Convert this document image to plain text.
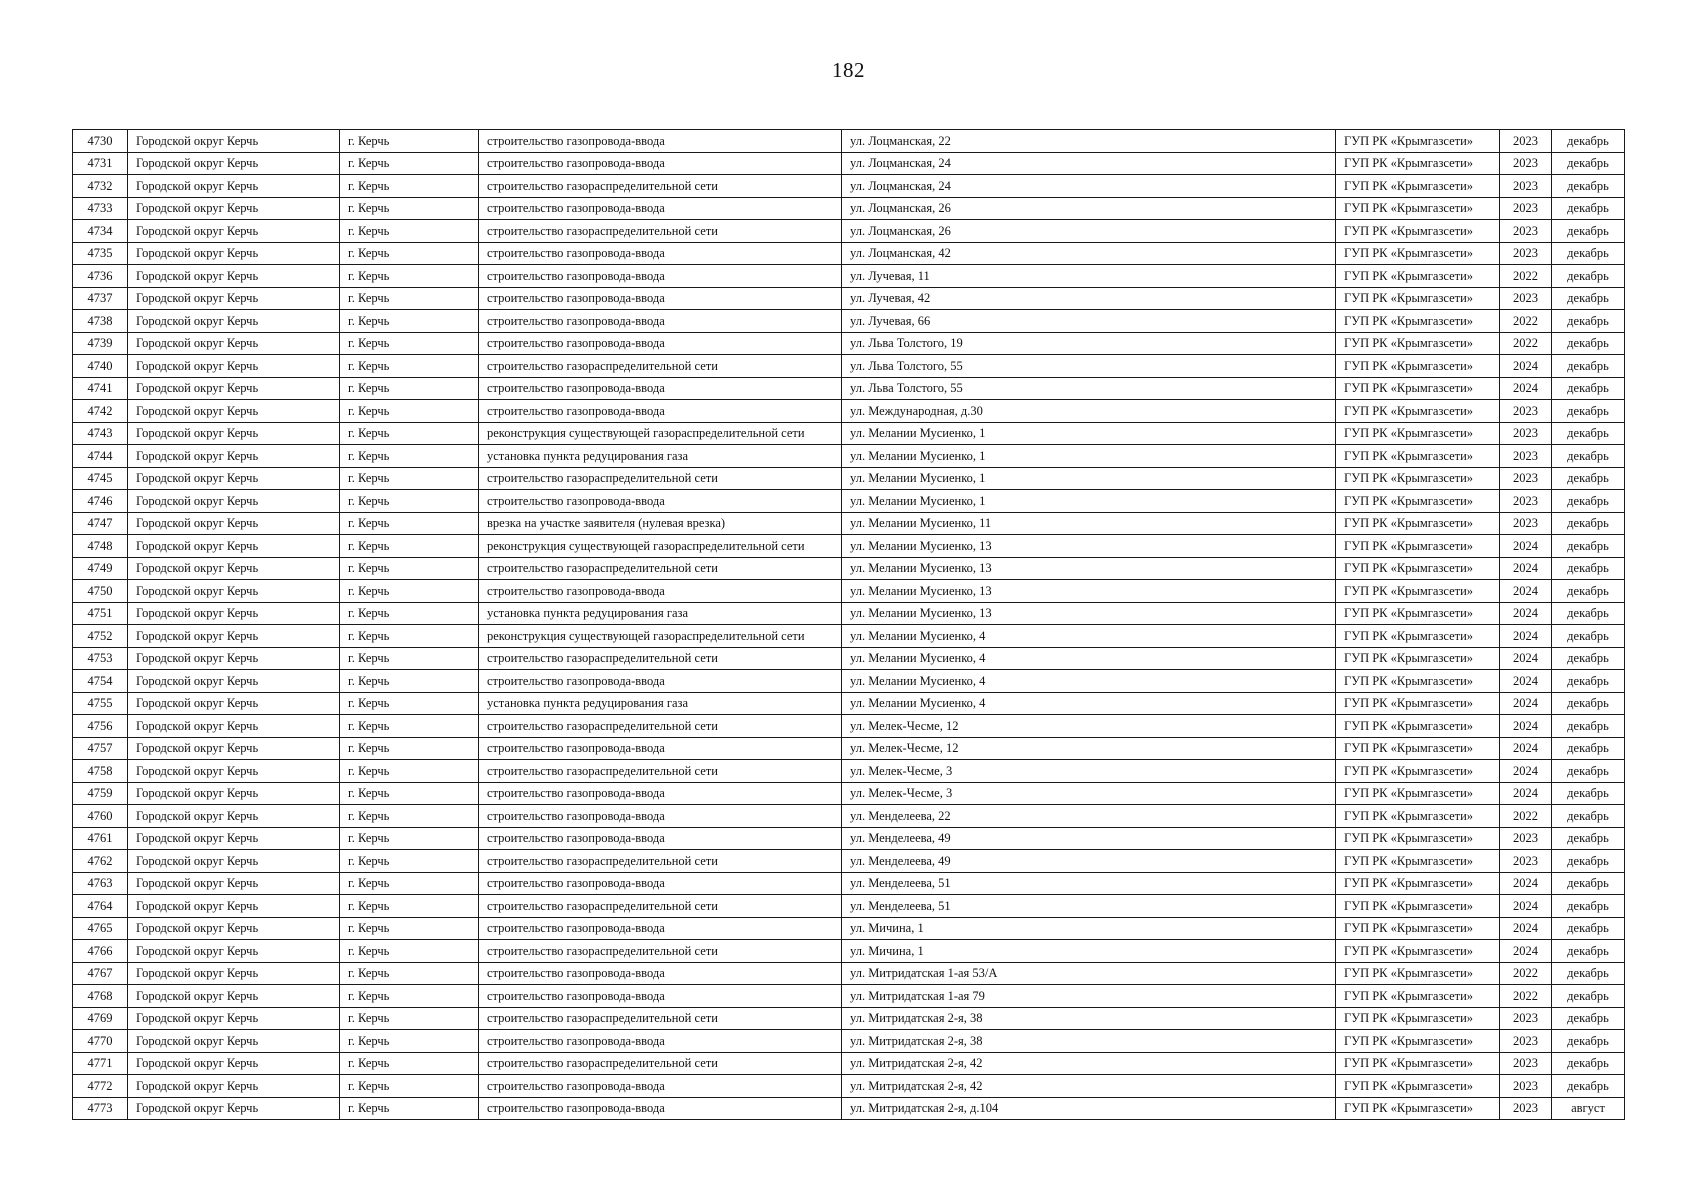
182
4730	Городской округ Керчь	г. Керчь	строительство газопровода-ввода	ул. Лоцманская, 22	ГУП РК «Крымгазсети»	2023	декабрь
4731	Городской округ Керчь	г. Керчь	строительство газопровода-ввода	ул. Лоцманская, 24	ГУП РК «Крымгазсети»	2023	декабрь
4732	Городской округ Керчь	г. Керчь	строительство газораспределительной сети	ул. Лоцманская, 24	ГУП РК «Крымгазсети»	2023	декабрь
4733	Городской округ Керчь	г. Керчь	строительство газопровода-ввода	ул. Лоцманская, 26	ГУП РК «Крымгазсети»	2023	декабрь
4734	Городской округ Керчь	г. Керчь	строительство газораспределительной сети	ул. Лоцманская, 26	ГУП РК «Крымгазсети»	2023	декабрь
4735	Городской округ Керчь	г. Керчь	строительство газопровода-ввода	ул. Лоцманская, 42	ГУП РК «Крымгазсети»	2023	декабрь
4736	Городской округ Керчь	г. Керчь	строительство газопровода-ввода	ул. Лучевая, 11	ГУП РК «Крымгазсети»	2022	декабрь
4737	Городской округ Керчь	г. Керчь	строительство газопровода-ввода	ул. Лучевая, 42	ГУП РК «Крымгазсети»	2023	декабрь
4738	Городской округ Керчь	г. Керчь	строительство газопровода-ввода	ул. Лучевая, 66	ГУП РК «Крымгазсети»	2022	декабрь
4739	Городской округ Керчь	г. Керчь	строительство газопровода-ввода	ул. Льва Толстого, 19	ГУП РК «Крымгазсети»	2022	декабрь
4740	Городской округ Керчь	г. Керчь	строительство газораспределительной сети	ул. Льва Толстого, 55	ГУП РК «Крымгазсети»	2024	декабрь
4741	Городской округ Керчь	г. Керчь	строительство газопровода-ввода	ул. Льва Толстого, 55	ГУП РК «Крымгазсети»	2024	декабрь
4742	Городской округ Керчь	г. Керчь	строительство газопровода-ввода	ул. Международная, д.30	ГУП РК «Крымгазсети»	2023	декабрь
4743	Городской округ Керчь	г. Керчь	реконструкция существующей газораспределительной сети	ул. Мелании Мусиенко, 1	ГУП РК «Крымгазсети»	2023	декабрь
4744	Городской округ Керчь	г. Керчь	установка пункта редуцирования газа	ул. Мелании Мусиенко, 1	ГУП РК «Крымгазсети»	2023	декабрь
4745	Городской округ Керчь	г. Керчь	строительство газораспределительной сети	ул. Мелании Мусиенко, 1	ГУП РК «Крымгазсети»	2023	декабрь
4746	Городской округ Керчь	г. Керчь	строительство газопровода-ввода	ул. Мелании Мусиенко, 1	ГУП РК «Крымгазсети»	2023	декабрь
4747	Городской округ Керчь	г. Керчь	врезка на участке заявителя (нулевая врезка)	ул. Мелании Мусиенко, 11	ГУП РК «Крымгазсети»	2023	декабрь
4748	Городской округ Керчь	г. Керчь	реконструкция существующей газораспределительной сети	ул. Мелании Мусиенко, 13	ГУП РК «Крымгазсети»	2024	декабрь
4749	Городской округ Керчь	г. Керчь	строительство газораспределительной сети	ул. Мелании Мусиенко, 13	ГУП РК «Крымгазсети»	2024	декабрь
4750	Городской округ Керчь	г. Керчь	строительство газопровода-ввода	ул. Мелании Мусиенко, 13	ГУП РК «Крымгазсети»	2024	декабрь
4751	Городской округ Керчь	г. Керчь	установка пункта редуцирования газа	ул. Мелании Мусиенко, 13	ГУП РК «Крымгазсети»	2024	декабрь
4752	Городской округ Керчь	г. Керчь	реконструкция существующей газораспределительной сети	ул. Мелании Мусиенко, 4	ГУП РК «Крымгазсети»	2024	декабрь
4753	Городской округ Керчь	г. Керчь	строительство газораспределительной сети	ул. Мелании Мусиенко, 4	ГУП РК «Крымгазсети»	2024	декабрь
4754	Городской округ Керчь	г. Керчь	строительство газопровода-ввода	ул. Мелании Мусиенко, 4	ГУП РК «Крымгазсети»	2024	декабрь
4755	Городской округ Керчь	г. Керчь	установка пункта редуцирования газа	ул. Мелании Мусиенко, 4	ГУП РК «Крымгазсети»	2024	декабрь
4756	Городской округ Керчь	г. Керчь	строительство газораспределительной сети	ул. Мелек-Чесме, 12	ГУП РК «Крымгазсети»	2024	декабрь
4757	Городской округ Керчь	г. Керчь	строительство газопровода-ввода	ул. Мелек-Чесме, 12	ГУП РК «Крымгазсети»	2024	декабрь
4758	Городской округ Керчь	г. Керчь	строительство газораспределительной сети	ул. Мелек-Чесме, 3	ГУП РК «Крымгазсети»	2024	декабрь
4759	Городской округ Керчь	г. Керчь	строительство газопровода-ввода	ул. Мелек-Чесме, 3	ГУП РК «Крымгазсети»	2024	декабрь
4760	Городской округ Керчь	г. Керчь	строительство газопровода-ввода	ул. Менделеева, 22	ГУП РК «Крымгазсети»	2022	декабрь
4761	Городской округ Керчь	г. Керчь	строительство газопровода-ввода	ул. Менделеева, 49	ГУП РК «Крымгазсети»	2023	декабрь
4762	Городской округ Керчь	г. Керчь	строительство газораспределительной сети	ул. Менделеева, 49	ГУП РК «Крымгазсети»	2023	декабрь
4763	Городской округ Керчь	г. Керчь	строительство газопровода-ввода	ул. Менделеева, 51	ГУП РК «Крымгазсети»	2024	декабрь
4764	Городской округ Керчь	г. Керчь	строительство газораспределительной сети	ул. Менделеева, 51	ГУП РК «Крымгазсети»	2024	декабрь
4765	Городской округ Керчь	г. Керчь	строительство газопровода-ввода	ул. Мичина, 1	ГУП РК «Крымгазсети»	2024	декабрь
4766	Городской округ Керчь	г. Керчь	строительство газораспределительной сети	ул. Мичина, 1	ГУП РК «Крымгазсети»	2024	декабрь
4767	Городской округ Керчь	г. Керчь	строительство газопровода-ввода	ул. Митридатская 1-ая 53/А	ГУП РК «Крымгазсети»	2022	декабрь
4768	Городской округ Керчь	г. Керчь	строительство газопровода-ввода	ул. Митридатская 1-ая 79	ГУП РК «Крымгазсети»	2022	декабрь
4769	Городской округ Керчь	г. Керчь	строительство газораспределительной сети	ул. Митридатская 2-я, 38	ГУП РК «Крымгазсети»	2023	декабрь
4770	Городской округ Керчь	г. Керчь	строительство газопровода-ввода	ул. Митридатская 2-я, 38	ГУП РК «Крымгазсети»	2023	декабрь
4771	Городской округ Керчь	г. Керчь	строительство газораспределительной сети	ул. Митридатская 2-я, 42	ГУП РК «Крымгазсети»	2023	декабрь
4772	Городской округ Керчь	г. Керчь	строительство газопровода-ввода	ул. Митридатская 2-я, 42	ГУП РК «Крымгазсети»	2023	декабрь
4773	Городской округ Керчь	г. Керчь	строительство газопровода-ввода	ул. Митридатская 2-я, д.104	ГУП РК «Крымгазсети»	2023	август
